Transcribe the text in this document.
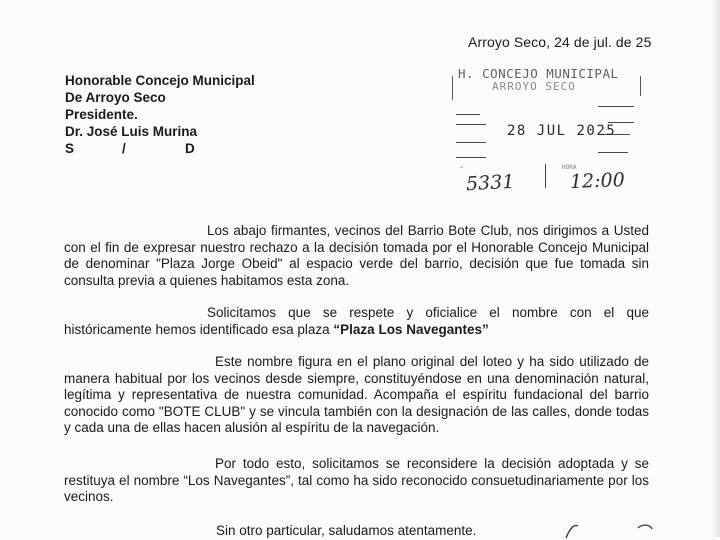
Arroyo Seco, 24 de jul. de 25
Honorable Concejo Municipal
De Arroyo Seco
Presidente.
Dr. José Luis Murina
S	/	D
H. CONCEJO MUNICIPAL
ARROYO SECO
28 JUL 2025
″	HORA
5331	12:00
Los abajo firmantes, vecinos del Barrio Bote Club, nos dirigimos a Usted con el fin de expresar nuestro rechazo a la decisión tomada por el Honorable Concejo Municipal de denominar "Plaza Jorge Obeid" al espacio verde del barrio, decisión que fue tomada sin consulta previa a quienes habitamos esta zona.
Solicitamos que se respete y oficialice el nombre con el que históricamente hemos identificado esa plaza “Plaza Los Navegantes”
Este nombre figura en el plano original del loteo y ha sido utilizado de manera habitual por los vecinos desde siempre, constituyéndose en una denominación natural, legítima y representativa de nuestra comunidad. Acompaña el espíritu fundacional del barrio conocido como "BOTE CLUB" y se vincula también con la designación de las calles, donde todas y cada una de ellas hacen alusión al espíritu de la navegación.
Por todo esto, solicitamos se reconsidere la decisión adoptada y se restituya el nombre “Los Navegantes”, tal como ha sido reconocido consuetudinariamente por los vecinos.
Sin otro particular, saludamos atentamente.
